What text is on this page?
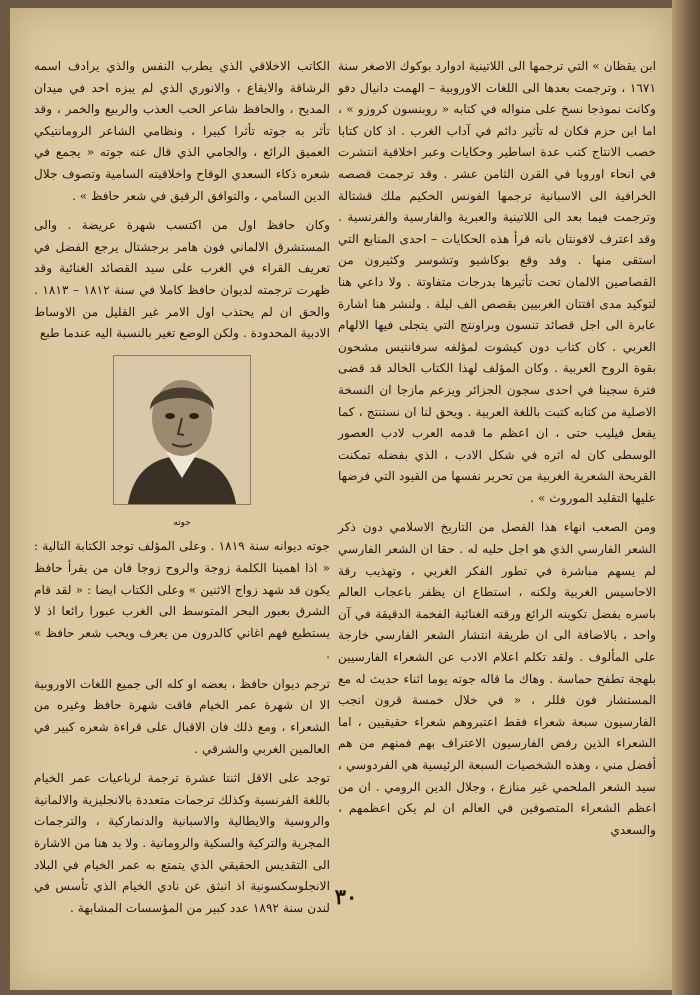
ابن يقظان » التي ترجمها الى اللاتينية ادوارد بوكوك الاصغر سنة ١٦٧١ ، وترجمت بعدها الى اللغات الاوروبية – الهمت دانيال دفو وكانت نموذجا نسخ على منواله في كتابه « روبنسون كروزو » ، اما ابن حزم فكان له تأثير دائم في آداب الغرب . اذ كان كتابا خصب الانتاج كتب عدة اساطير وحكايات وعبر اخلاقية انتشرت في انحاء اوروبا في القرن الثامن عشر . وقد ترجمت قصصه الخرافية الى الاسبانية ترجمها الفونس الحكيم ملك قشتالة وترجمت فيما بعد الى اللاتينية والعبرية والفارسية والفرنسية . وقد اعترف لافونتان بانه قرأ هذه الحكايات – احدى المنابع التي استقى منها . وقد وقع بوكاشيو وتشوسر وكثيرون من القصاصين الالمان تحت تأثيرها بدرجات متفاوتة . ولا داعي هنا لتوكيد مدى افتتان الغربيين بقصص الف ليلة . ولنشر هنا اشارة عابرة الى اجل قصائد تنسون وبراونتج التي يتجلى فيها الالهام العربي . كان كتاب دون كيشوت لمؤلفه سرفانتيس مشحون بقوة الروح العربية . وكان المؤلف لهذا الكتاب الخالد قد قضى فترة سجينا في احدى سجون الجزائر ويزعم مازجا ان النسخة الاصلية من كتابه كتبت باللغة العربية . ويحق لنا ان نستنتج ، كما يفعل فيليب حتى ، ان اعظم ما قدمه العرب لادب العصور الوسطى كان له اثره في شكل الادب ، الذي بفضله تمكنت القريحة الشعرية الغربية من تحرير نفسها من القيود التي فرضها عليها التقليد الموروث » .

ومن الصعب انهاء هذا الفصل من التاريخ الاسلامي دون ذكر الشعر الفارسي الذي هو اجل حليه له . حقا ان الشعر الفارسي لم يسهم مباشرة في تطور الفكر الغربي ، وتهذيب رقة الاحاسيس الغربية ولكنه ، استطاع ان يظفر باعجاب العالم باسره بفضل تكوينه الرائع ورقته الغنائية الفخمة الدقيقة في آن واحد ، بالاضافة الى ان طريقة انتشار الشعر الفارسي خارجة على المألوف . ولقد تكلم اعلام الادب عن الشعراء الفارسيين بلهجة تطفح حماسة . وهاك ما قاله جوته يوما اثناء حديث له مع المستشار فون فللر ، « في خلال خمسة قرون انجب الفارسيون سبعة شعراء فقط اعتبروهم شعراء حقيقيين ، اما الشعراء الذين رفض الفارسيون الاعتراف بهم فمنهم من هم أفضل مني ، وهذه الشخصيات السبعة الرئيسية هي الفردوسي ، سيد الشعر الملحمي غير منازع ، وجلال الدين الرومي . ان من اعظم الشعراء المتصوفين في العالم ان لم يكن اعظمهم ، والسعدي

الكاتب الاخلاقي الذي يطرب النفس والذي يرادف اسمه الرشاقة والايقاع ، والانوري الذي لم يبزه احد في ميدان المديح ، والحافظ شاعر الحب العذب والربيع والخمر ، وقد تأثر به جوته تأثرا كبيرا ، ونظامي الشاعر الرومانتيكي العميق الرائع ، والجامي الذي قال عنه جوته « يجمع في شعره ذكاء السعدي الوقاح واخلاقيته السامية وتصوف جلال الدين السامي ، والتوافق الرقيق في شعر حافظ » .

وكان حافظ اول من اكتسب شهرة عريضة . والى المستشرق الالماني فون هامر برجشتال يرجع الفضل في تعريف القراء في الغرب على سيد القصائد الغنائية وقد ظهرت ترجمته لديوان حافظ كاملا في سنة ١٨١٢ – ١٨١٣ . والحق ان لم يحتذب اول الامر غير القليل من الاوساط الادبية المحدودة . ولكن الوضع تغير بالنسبة اليه عندما طبع

جوته

جوته ديوانه سنة ١٨١٩ . وعلى المؤلف توجد الكتابة التالية : « اذا اهمينا الكلمة زوجة والروح زوجا فان من يقرأ حافظ يكون قد شهد زواج الاثنين » وعلى الكتاب ايضا : « لقد قام الشرق بعبور البحر المتوسط الى الغرب عبورا رائعا اذ لا يستطيع فهم اغاني كالدرون من يعرف ويحب شعر حافظ » .

ترجم ديوان حافظ ، بعضه او كله الى جميع اللغات الاوروبية الا ان شهرة عمر الخيام فاقت شهرة حافظ وغيره من الشعراء ، ومع ذلك فان الاقبال على قراءة شعره كبير في العالمين الغربي والشرقي .

توجد على الاقل اثنتا عشرة ترجمة لرباعيات عمر الخيام باللغة الفرنسية وكذلك ترجمات متعددة بالانجليزية والالمانية والروسية والايطالية والاسبانية والدنماركية ، والترجمات المجرية والتركية والسكية والرومانية . ولا بد هنا من الاشارة الى التقديس الحقيقي الذي يتمتع به عمر الخيام في البلاد الانجلوسكسونية اذ انبثق عن نادي الخيام الذي تأسس في لندن سنة ١٨٩٢ عدد كبير من المؤسسات المشابهة . ٣٠
